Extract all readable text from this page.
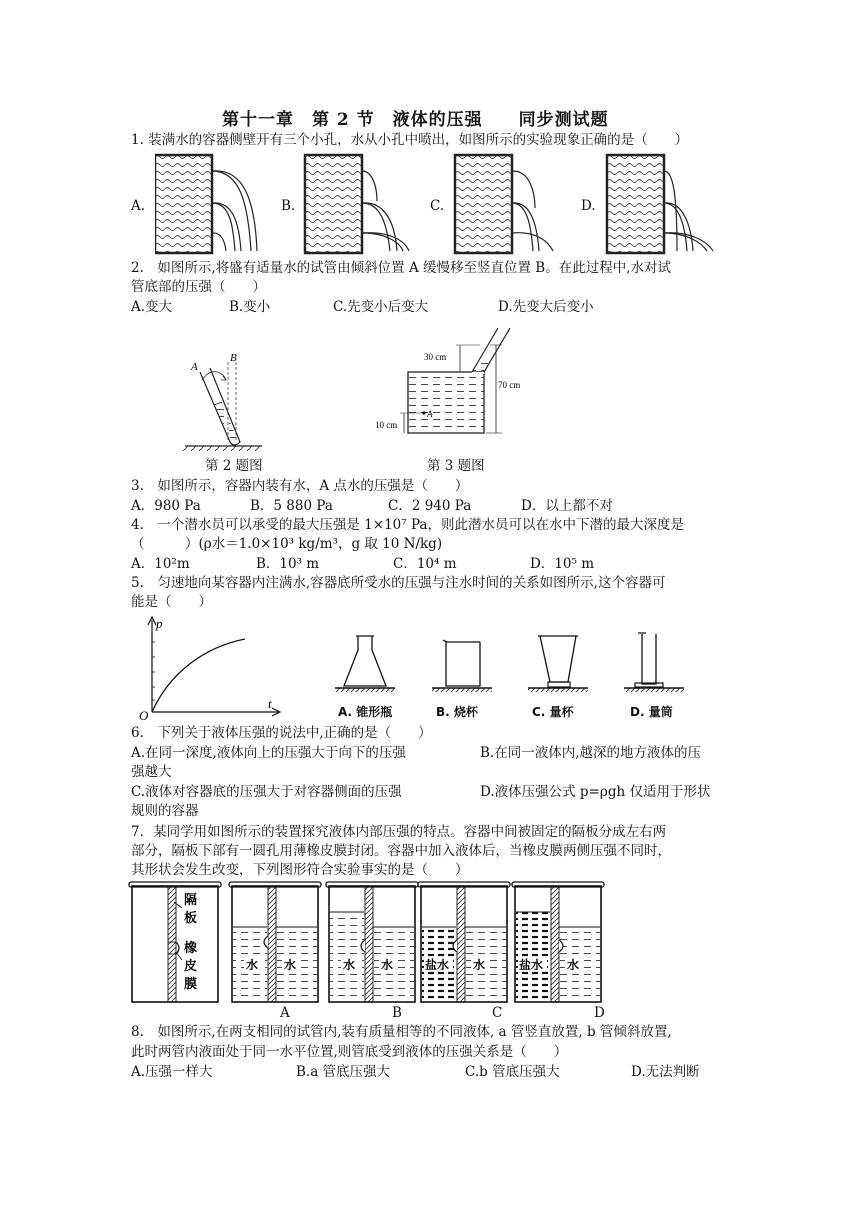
第十一章　第 2 节　液体的压强　　同步测试题
1. 装满水的容器侧壁开有三个小孔，水从小孔中喷出，如图所示的实验现象正确的是（　　）
A.	B.	C.	D.
2.　如图所示,将盛有适量水的试管由倾斜位置 A 缓慢移至竖直位置 B。在此过程中,水对试
管底部的压强（　　）
A.变大	B.变小	C.先变小后变大	D.先变大后变小
A
B
第 2 题图
30 cm
70 cm
10 cm
A
第 3 题图
3.　如图所示，容器内装有水，A 点水的压强是（　　）
A．980 Pa	B．5 880 Pa	C．2 940 Pa	D．以上都不对
4.　一个潜水员可以承受的最大压强是 1×10⁷ Pa，则此潜水员可以在水中下潜的最大深度是
（　　　）(ρ水＝1.0×10³ kg/m³，g 取 10 N/kg)
A．10²m	B．10³ m	C．10⁴ m	D．10⁵ m
5.　匀速地向某容器内注满水,容器底所受水的压强与注水时间的关系如图所示,这个容器可
能是（　　）
p
t
O	A. 锥形瓶	B. 烧杯	C. 量杯	D. 量筒
6.　下列关于液体压强的说法中,正确的是（　　）
A.在同一深度,液体向上的压强大于向下的压强	B.在同一液体内,越深的地方液体的压
强越大
C.液体对容器底的压强大于对容器侧面的压强	D.液体压强公式 p=ρgh 仅适用于形状
规则的容器
7．某同学用如图所示的装置探究液体内部压强的特点。容器中间被固定的隔板分成左右两
部分，隔板下部有一圆孔用薄橡皮膜封闭。容器中加入液体后，当橡皮膜两侧压强不同时，
其形状会发生改变，下列图形符合实验事实的是（　　）
隔
板
橡
皮
膜
水 水	水 水	盐水 水	盐水 水
A	B	C	D
8.　如图所示,在两支相同的试管内,装有质量相等的不同液体, a 管竖直放置, b 管倾斜放置,
此时两管内液面处于同一水平位置,则管底受到液体的压强关系是（　　）
A.压强一样大	B.a 管底压强大	C.b 管底压强大	D.无法判断
